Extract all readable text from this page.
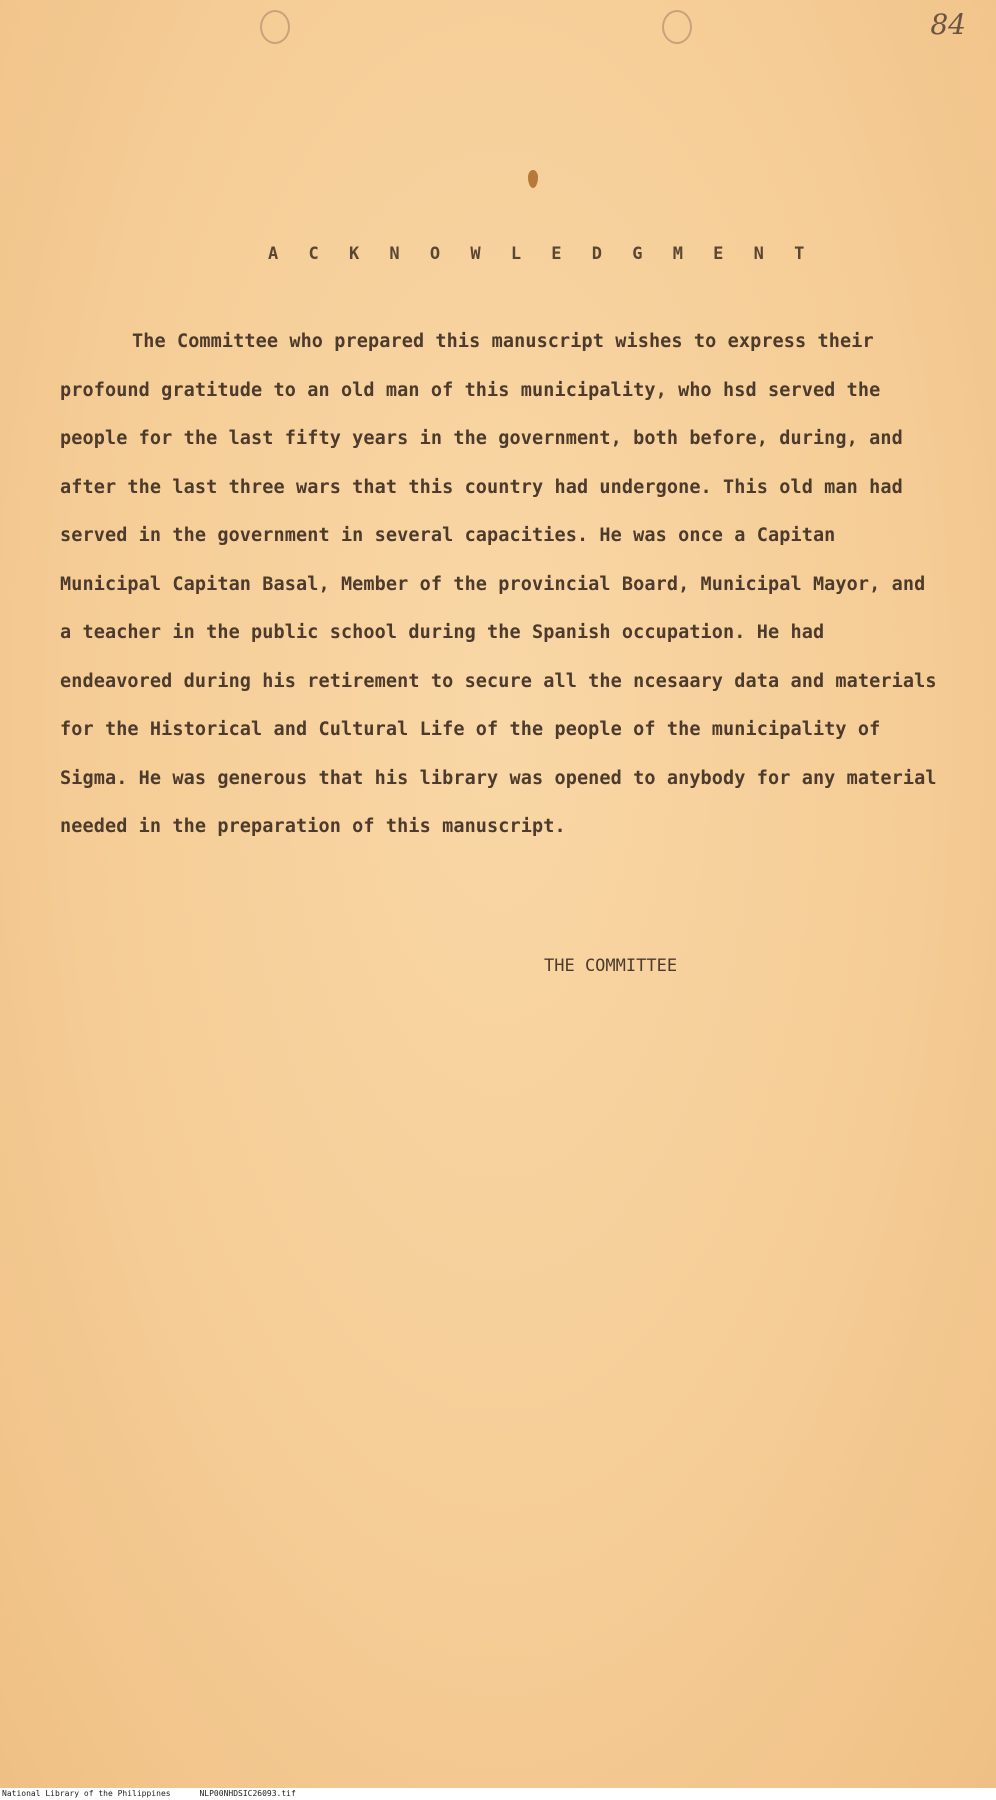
84
A C K N O W L E D G M E N T

The Committee who prepared this manuscript wishes to express their profound gratitude to an old man of this municipality, who hsd served the people for the last fifty years in the government, both before, during, and after the last three wars that this country had undergone. This old man had served in the government in several capacities. He was once a Capitan Municipal Capitan Basal, Member of the provincial Board, Municipal Mayor, and a teacher in the public school during the Spanish occupation. He had endeavored during his retirement to secure all the ncesaary data and materials for the Historical and Cultural Life of the people of the municipality of Sigma. He was generous that his library was opened to anybody for any material needed in the preparation of this manuscript.

THE COMMITTEE
National Library of the Philippines	NLP00NHDSIC26093.tif
